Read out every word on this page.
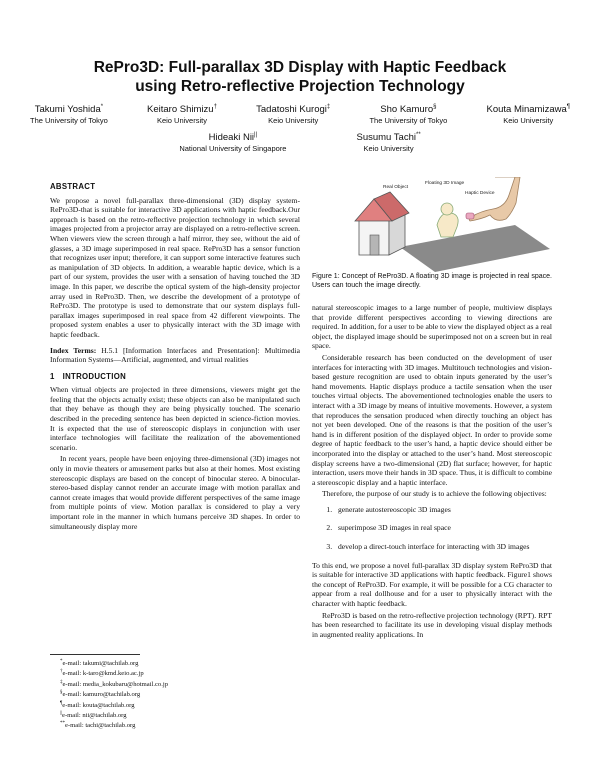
RePro3D: Full-parallax 3D Display with Haptic Feedback
using Retro-reflective Projection Technology
Takumi Yoshida*
The University of Tokyo
Keitaro Shimizu†
Keio University
Tadatoshi Kurogi‡
Keio University
Sho Kamuro§
The University of Tokyo
Kouta Minamizawa¶
Keio University
Hideaki Nii||
National University of Singapore
Susumu Tachi**
Keio University
ABSTRACT

We propose a novel full-parallax three-dimensional (3D) display system-RePro3D-that is suitable for interactive 3D applications with haptic feedback.Our approach is based on the retro-reflective projection technology in which several images projected from a projector array are displayed on a retro-reflective screen. When viewers view the screen through a half mirror, they see, without the aid of glasses, a 3D image superimposed in real space. RePro3D has a sensor function that recognizes user input; therefore, it can support some interactive features such as manipulation of 3D objects. In addition, a wearable haptic device, which is a part of our system, provides the user with a sensation of having touched the 3D image. In this paper, we describe the optical system of the high-density projector array used in RePro3D. Then, we describe the development of a prototype of RePro3D. The prototype is used to demonstrate that our system displays full-parallax images superimposed in real space from 42 different viewpoints. The proposed system enables a user to physically interact with the 3D image with haptic feedback.

Index Terms: H.5.1 [Information Interfaces and Presentation]: Multimedia Information Systems—Artificial, augmented, and virtual realities

1 INTRODUCTION

When virtual objects are projected in three dimensions, viewers might get the feeling that the objects actually exist; these objects can also be manipulated such that they behave as though they are being physically touched. The scenario described in the preceding sentence has been depicted in science-fiction movies. It is expected that the use of stereoscopic displays in conjunction with user interface technologies will facilitate the realization of the abovementioned scenario.

In recent years, people have been enjoying three-dimensional (3D) images not only in movie theaters or amusement parks but also at their homes. Most existing stereoscopic displays are based on the concept of binocular stereo. A binocular-stereo-based display cannot render an accurate image with motion parallax and cannot create images that would provide different perspectives of the same image from multiple points of view. Motion parallax is considered to play a very important role in the manner in which humans perceive 3D shapes. In order to simultaneously display more

*e-mail: takumi@tachilab.org
†e-mail: k-taro@kmd.keio.ac.jp
‡e-mail: media_kokubaru@hotmail.co.jp
§e-mail: kamuro@tachilab.org
¶e-mail: kouta@tachilab.org
||e-mail: nii@tachilab.org
**e-mail: tachi@tachilab.org
Real Object
Floating 3D Image
Haptic Device
Figure 1: Concept of RePro3D. A floating 3D image is projected in real space. Users can touch the image directly.

natural stereoscopic images to a large number of people, multiview displays that provide different perspectives according to viewing directions are required. In addition, for a user to be able to view the displayed object as a real object, the displayed image should be superimposed not on a screen but in real space.

Considerable research has been conducted on the development of user interfaces for interacting with 3D images. Multitouch technologies and vision-based gesture recognition are used to obtain inputs generated by the user’s hand movements. Haptic displays produce a tactile sensation when the user touches virtual objects. The abovementioned technologies enable the users to interact with a 3D image by means of intuitive movements. However, a system that reproduces the sensation produced when directly touching an object has not yet been developed. One of the reasons is that the position of the user’s hand is in different position of the displayed object. In order to provide some degree of haptic feedback to the user’s hand, a haptic device should either be incorporated into the display or attached to the user’s hand. Most stereoscopic display screens have a two-dimensional (2D) flat surface; however, for haptic interaction, users move their hands in 3D space. Thus, it is difficult to combine a stereoscopic display and a haptic interface.

Therefore, the purpose of our study is to achieve the following objectives:

1. generate autostereoscopic 3D images
2. superimpose 3D images in real space
3. develop a direct-touch interface for interacting with 3D images

To this end, we propose a novel full-parallax 3D display system RePro3D that is suitable for interactive 3D applications with haptic feedback. Figure1 shows the concept of RePro3D. For example, it will be possible for a CG character to appear from a real dollhouse and for a user to physically interact with the character with haptic feedback.

RePro3D is based on the retro-reflective projection technology (RPT). RPT has been researched to facilitate its use in developing visual display methods in augmented reality applications. In
